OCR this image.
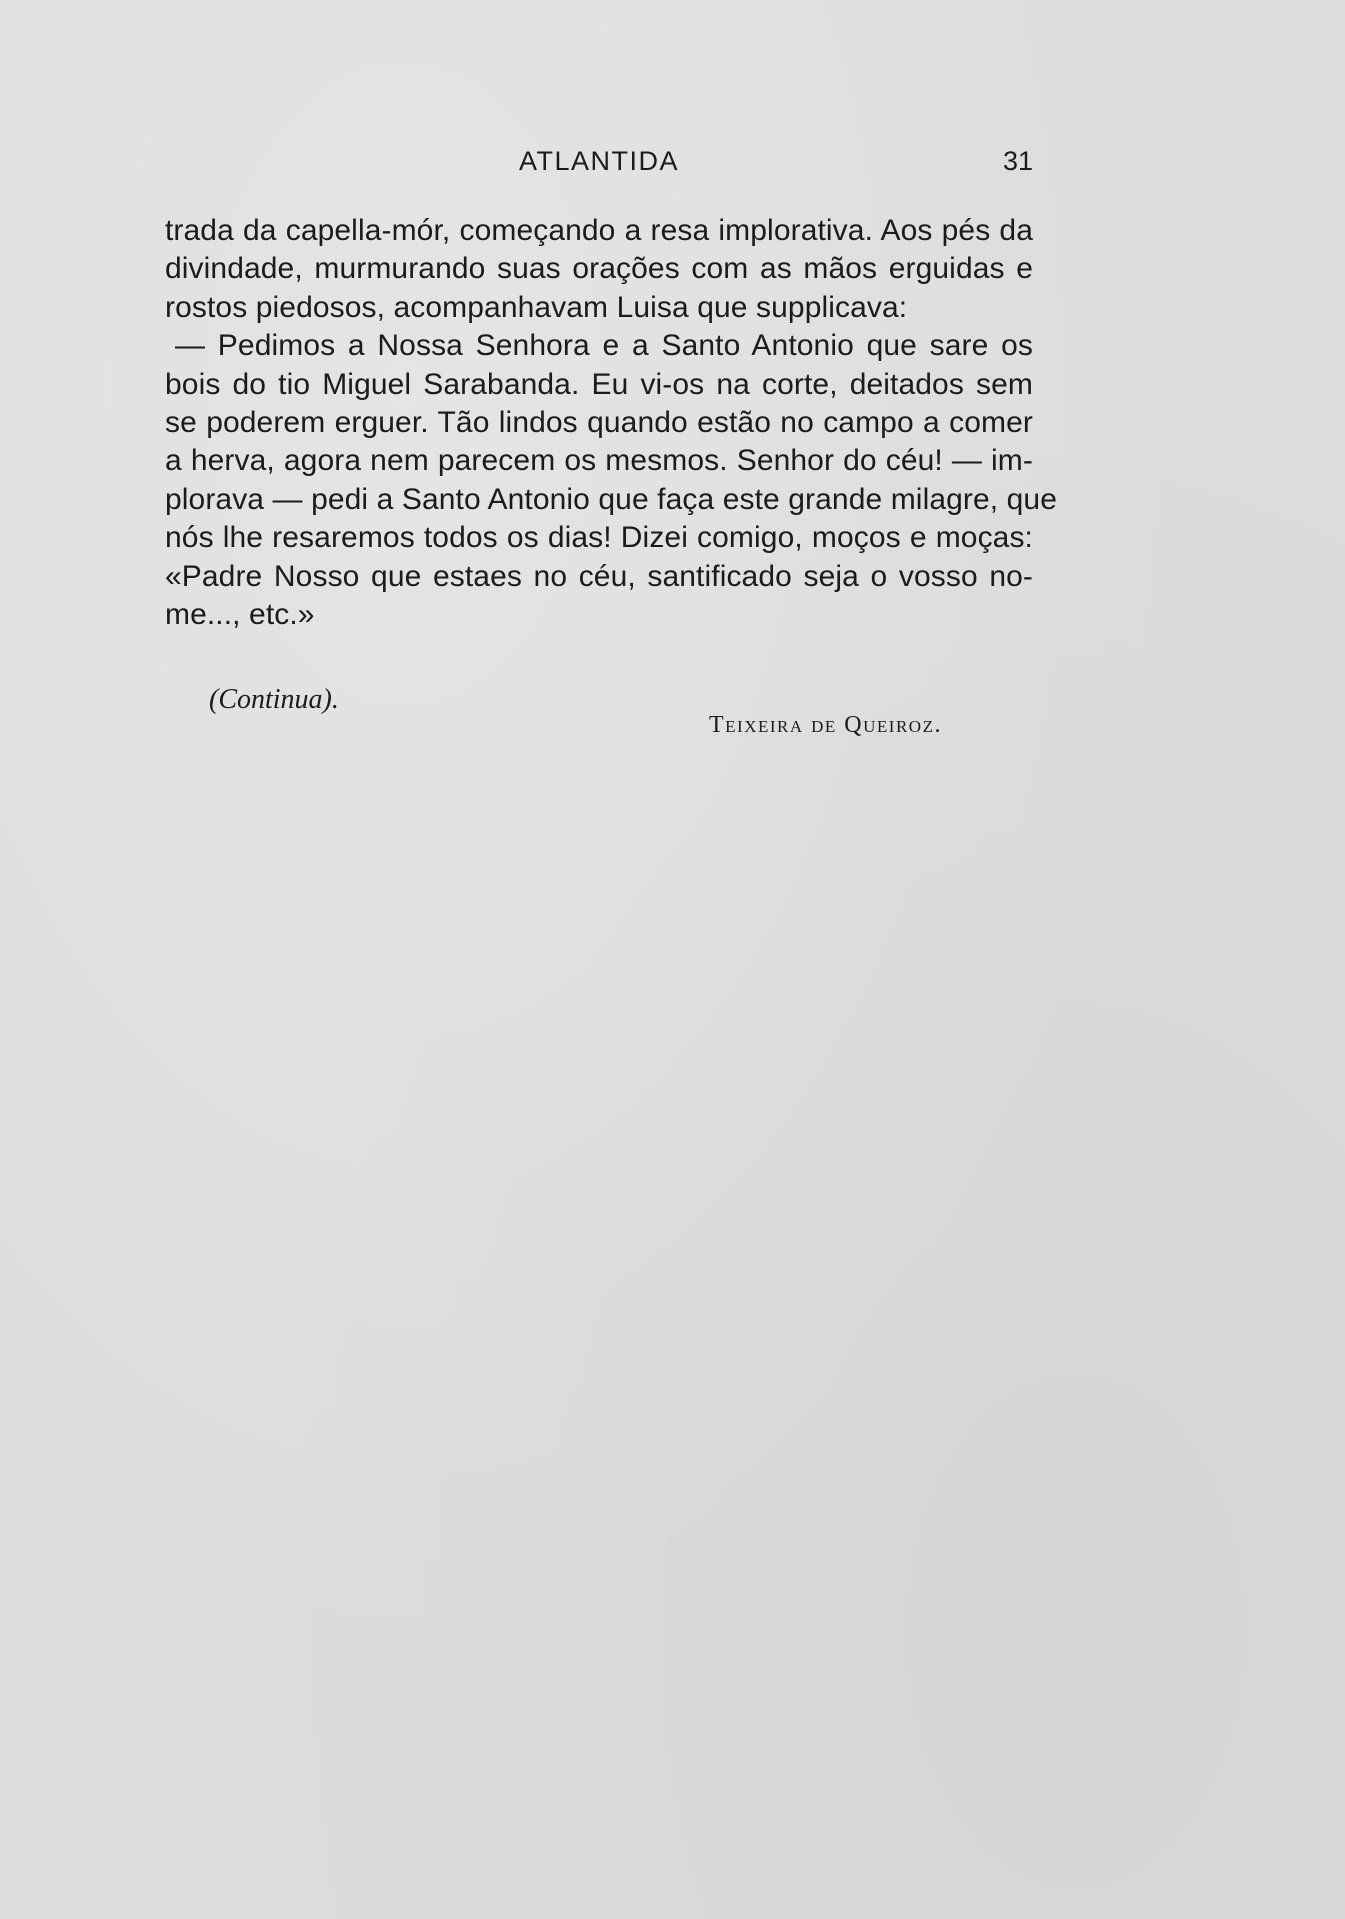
ATLANTIDA	31
trada da capella-mór, começando a resa implorativa. Aos pés da
divindade, murmurando suas orações com as mãos erguidas e
rostos piedosos, acompanhavam Luisa que supplicava:
— Pedimos a Nossa Senhora e a Santo Antonio que sare os
bois do tio Miguel Sarabanda. Eu vi-os na corte, deitados sem
se poderem erguer. Tão lindos quando estão no campo a comer
a herva, agora nem parecem os mesmos. Senhor do céu! — im-
plorava — pedi a Santo Antonio que faça este grande milagre, que
nós lhe resaremos todos os dias! Dizei comigo, moços e moças:
«Padre Nosso que estaes no céu, santificado seja o vosso no-
me..., etc.»
(Continua).
Teixeira de Queiroz.
